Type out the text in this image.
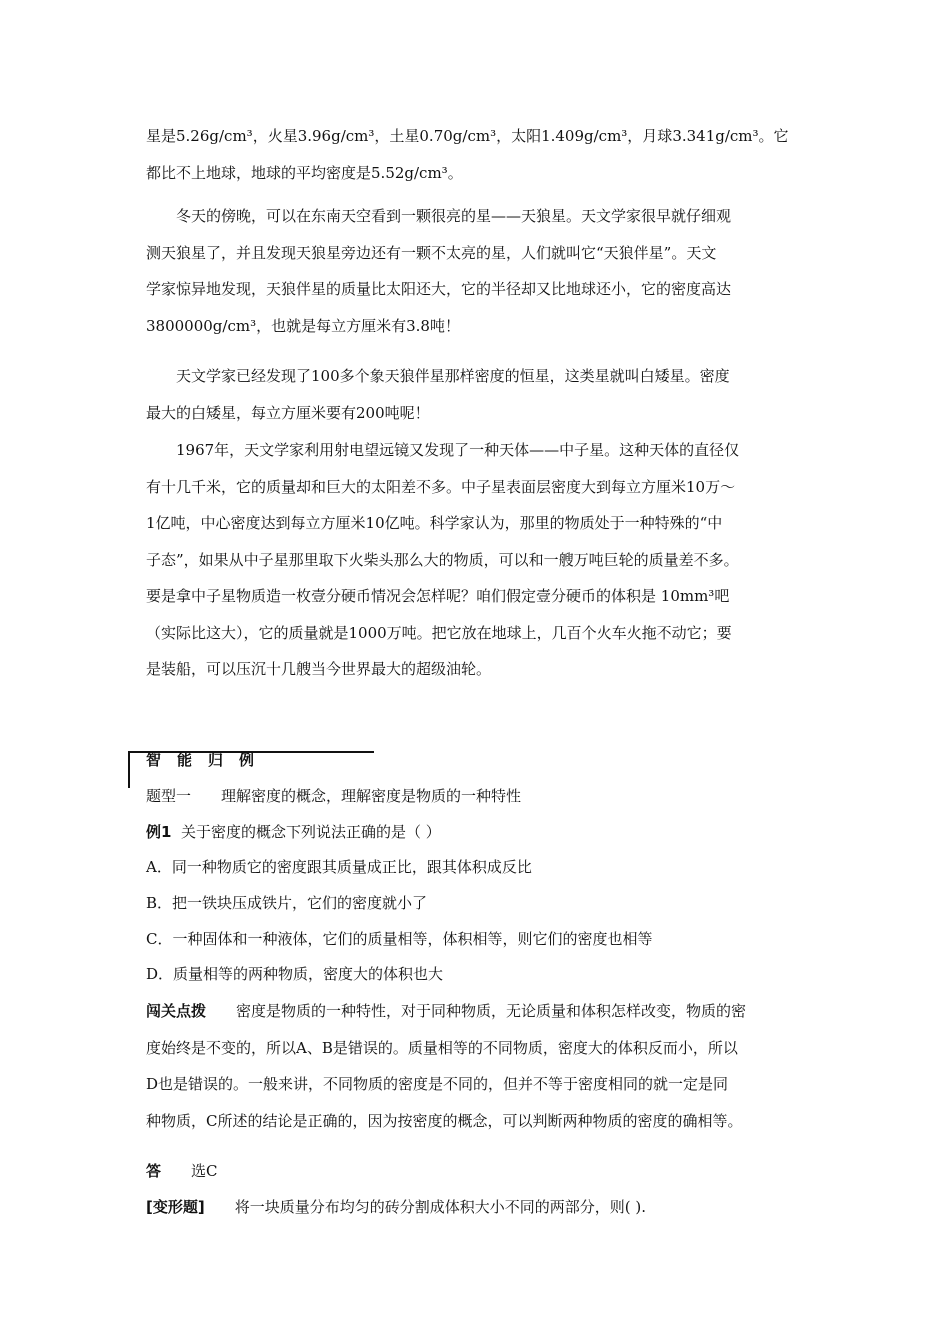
星是5.26g/cm³，火星3.96g/cm³，土星0.70g/cm³，太阳1.409g/cm³，月球3.341g/cm³。它
都比不上地球，地球的平均密度是5.52g/cm³。
冬天的傍晚，可以在东南天空看到一颗很亮的星——天狼星。天文学家很早就仔细观
测天狼星了，并且发现天狼星旁边还有一颗不太亮的星，人们就叫它“天狼伴星”。天文
学家惊异地发现，天狼伴星的质量比太阳还大，它的半径却又比地球还小，它的密度高达
3800000g/cm³，也就是每立方厘米有3.8吨！
天文学家已经发现了100多个象天狼伴星那样密度的恒星，这类星就叫白矮星。密度
最大的白矮星，每立方厘米要有200吨呢！
1967年，天文学家利用射电望远镜又发现了一种天体——中子星。这种天体的直径仅
有十几千米，它的质量却和巨大的太阳差不多。中子星表面层密度大到每立方厘米10万～
1亿吨，中心密度达到每立方厘米10亿吨。科学家认为，那里的物质处于一种特殊的“中
子态”，如果从中子星那里取下火柴头那么大的物质，可以和一艘万吨巨轮的质量差不多。
要是拿中子星物质造一枚壹分硬币情况会怎样呢？咱们假定壹分硬币的体积是 10mm³吧
（实际比这大），它的质量就是1000万吨。把它放在地球上，几百个火车火拖不动它；要
是装船，可以压沉十几艘当今世界最大的超级油轮。
智能归例
题型一 理解密度的概念，理解密度是物质的一种特性
例1 关于密度的概念下列说法正确的是（ ）
A．同一种物质它的密度跟其质量成正比，跟其体积成反比
B．把一铁块压成铁片，它们的密度就小了
C．一种固体和一种液体，它们的质量相等，体积相等，则它们的密度也相等
D．质量相等的两种物质，密度大的体积也大
闯关点拨 密度是物质的一种特性，对于同种物质，无论质量和体积怎样改变，物质的密
度始终是不变的，所以A、B是错误的。质量相等的不同物质，密度大的体积反而小，所以
D也是错误的。一般来讲，不同物质的密度是不同的，但并不等于密度相同的就一定是同
种物质，C所述的结论是正确的，因为按密度的概念，可以判断两种物质的密度的确相等。
答 选C
[变形题] 将一块质量分布均匀的砖分割成体积大小不同的两部分，则( ).
